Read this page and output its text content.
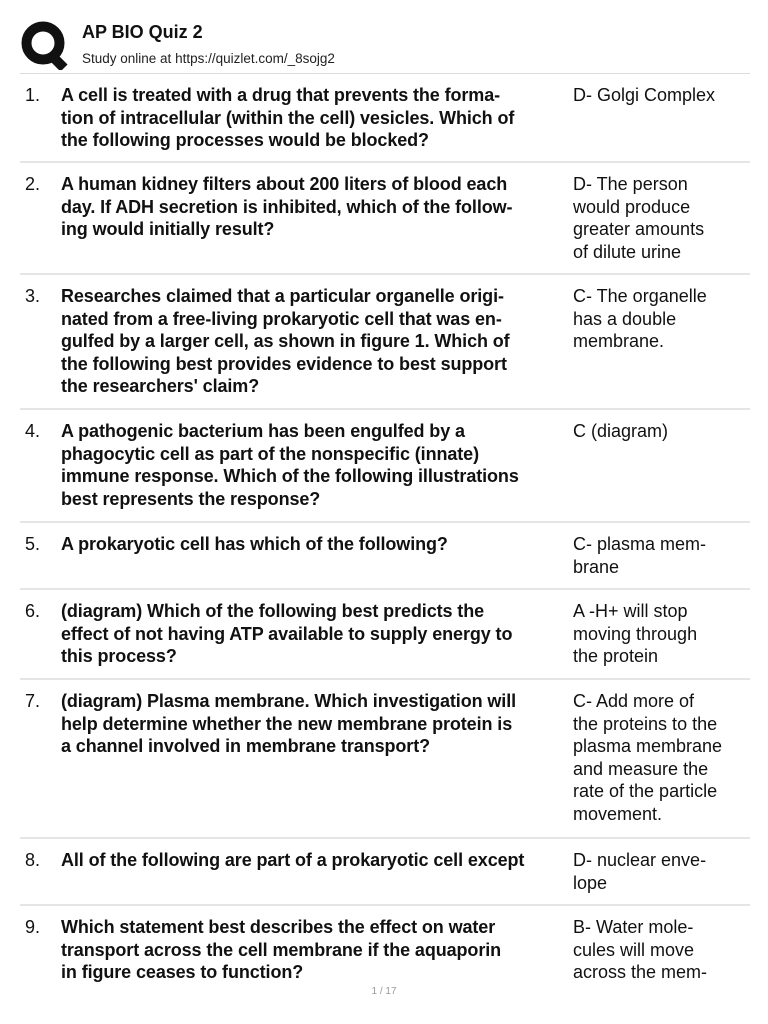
AP BIO Quiz 2
Study online at https://quizlet.com/_8sojg2
1. A cell is treated with a drug that prevents the forma-
tion of intracellular (within the cell) vesicles. Which of
the following processes would be blocked?
D- Golgi Complex
2. A human kidney filters about 200 liters of blood each
day. If ADH secretion is inhibited, which of the follow-
ing would initially result?
D- The person
would produce
greater amounts
of dilute urine
3. Researches claimed that a particular organelle origi-
nated from a free-living prokaryotic cell that was en-
gulfed by a larger cell, as shown in figure 1. Which of
the following best provides evidence to best support
the researchers' claim?
C- The organelle
has a double
membrane.
4. A pathogenic bacterium has been engulfed by a
phagocytic cell as part of the nonspecific (innate)
immune response. Which of the following illustrations
best represents the response?
C (diagram)
5. A prokaryotic cell has which of the following?	C- plasma mem-
brane
6. (diagram) Which of the following best predicts the
effect of not having ATP available to supply energy to
this process?
A -H+ will stop
moving through
the protein
7. (diagram) Plasma membrane. Which investigation will
help determine whether the new membrane protein is
a channel involved in membrane transport?
C- Add more of
the proteins to the
plasma membrane
and measure the
rate of the particle
movement.
8. All of the following are part of a prokaryotic cell except	D- nuclear enve-
lope
9. Which statement best describes the effect on water
transport across the cell membrane if the aquaporin
in figure ceases to function?
B- Water mole-
cules will move
across the mem-
1 / 17
